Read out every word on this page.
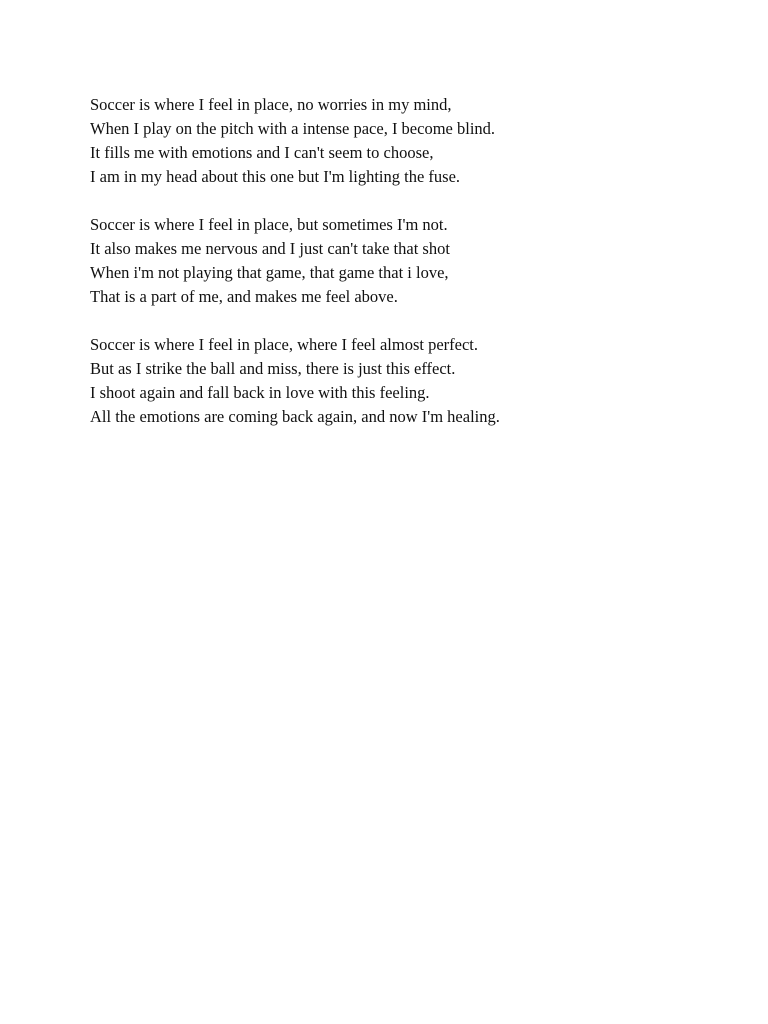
Soccer is where I feel in place, no worries in my mind,
When I play on the pitch with a intense pace, I become blind.
It fills me with emotions and I can't seem to choose,
I am in my head about this one but I'm lighting the fuse.

Soccer is where I feel in place, but sometimes I'm not.
It also makes me nervous and I just can't take that shot
When i'm not playing that game, that game that i love,
That is a part of me, and makes me feel above.

Soccer is where I feel in place, where I feel almost perfect.
But as I strike the ball and miss, there is just this effect.
I shoot again and fall back in love with this feeling.
All the emotions are coming back again, and now I'm healing.
